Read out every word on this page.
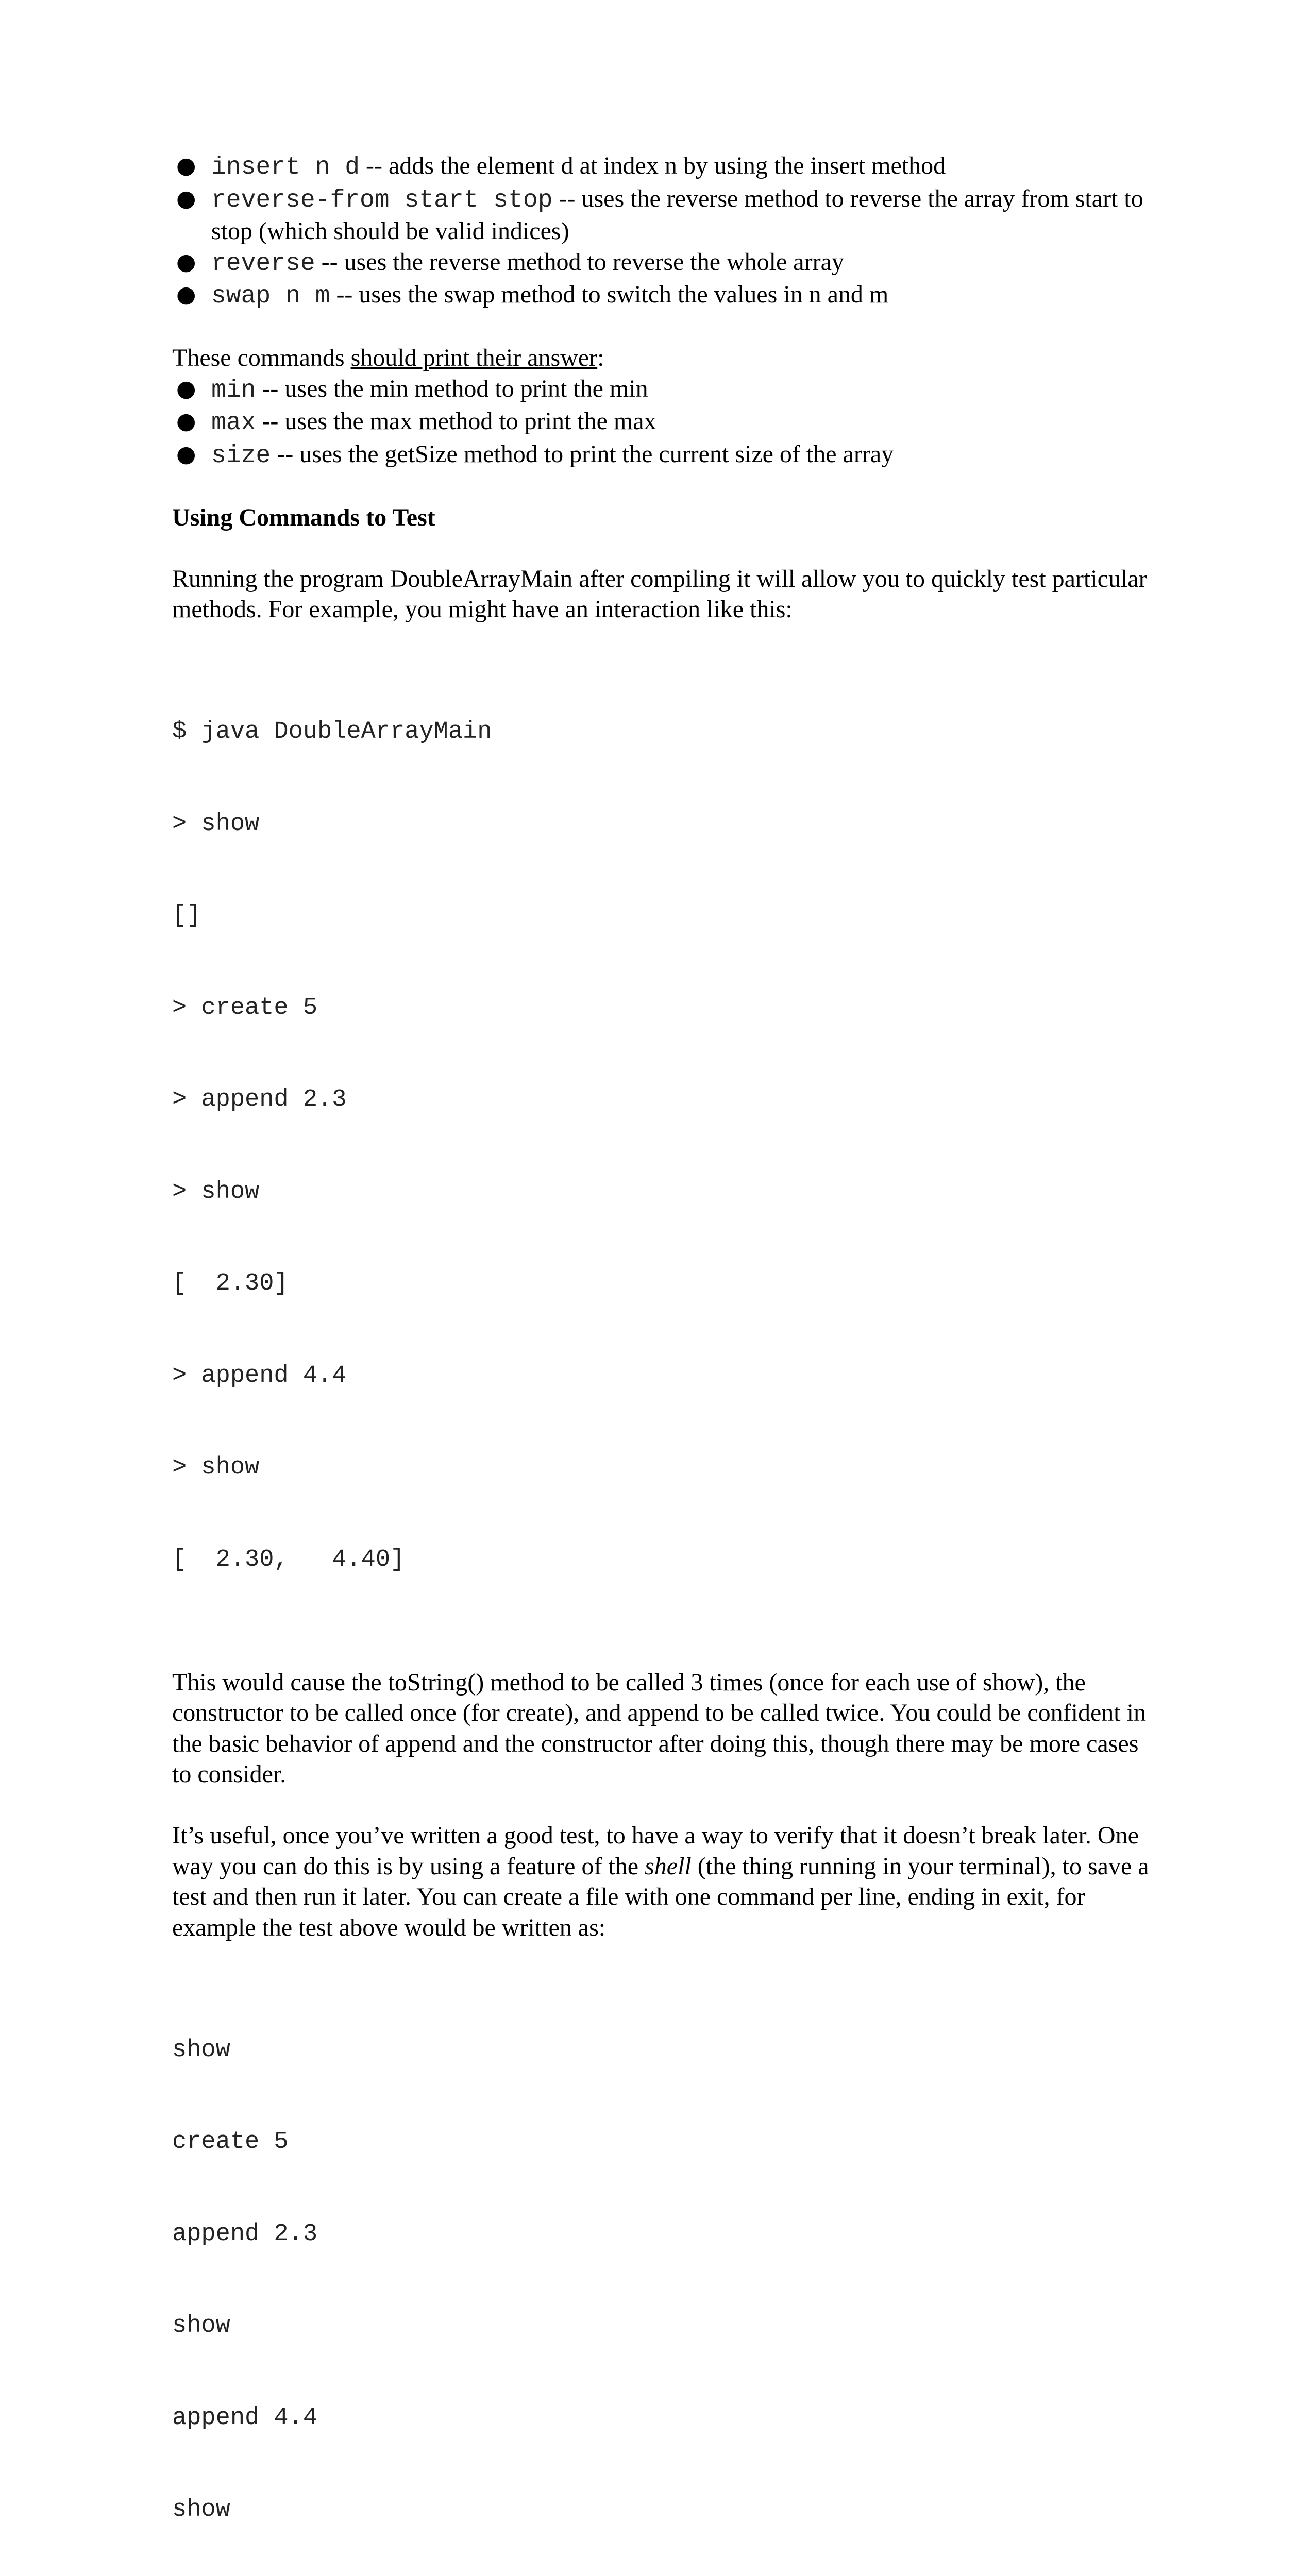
● insert n d -- adds the element d at index n by using the insert method
● reverse-from start stop -- uses the reverse method to reverse the array from start to stop (which should be valid indices)
● reverse -- uses the reverse method to reverse the whole array
● swap n m -- uses the swap method to switch the values in n and m

These commands should print their answer:

● min -- uses the min method to print the min
● max -- uses the max method to print the max
● size -- uses the getSize method to print the current size of the array

Using Commands to Test

Running the program DoubleArrayMain after compiling it will allow you to quickly test particular methods. For example, you might have an interaction like this:

$ java DoubleArrayMain

> show

[]

> create 5

> append 2.3

> show

[  2.30]

> append 4.4

> show

[  2.30,   4.40]

This would cause the toString() method to be called 3 times (once for each use of show), the constructor to be called once (for create), and append to be called twice. You could be confident in the basic behavior of append and the constructor after doing this, though there may be more cases to consider.

It’s useful, once you’ve written a good test, to have a way to verify that it doesn’t break later. One way you can do this is by using a feature of the shell (the thing running in your terminal), to save a test and then run it later. You can create a file with one command per line, ending in exit, for example the test above would be written as:

show

create 5

append 2.3

show

append 4.4

show
